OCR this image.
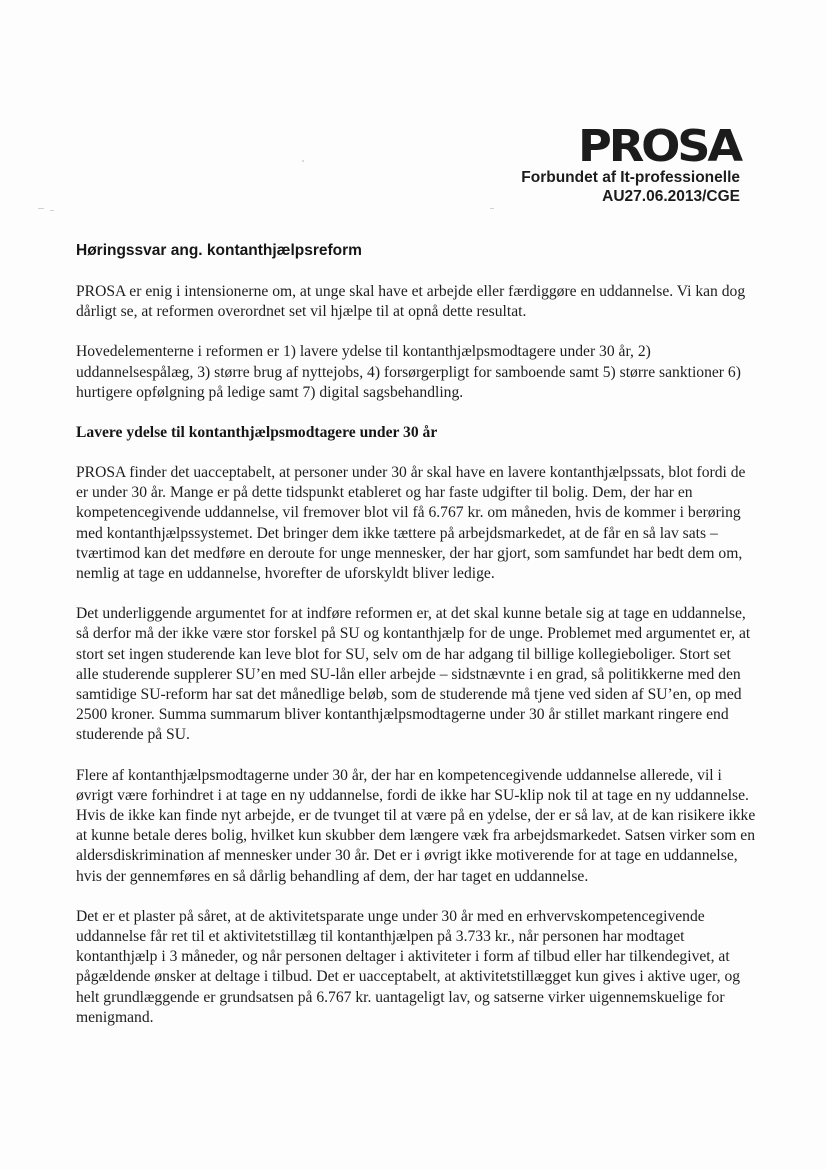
PROSA
Forbundet af It-professionelle
AU27.06.2013/CGE
Høringssvar ang. kontanthjælpsreform

PROSA er enig i intensionerne om, at unge skal have et arbejde eller færdiggøre en uddannelse. Vi kan dog dårligt se, at reformen overordnet set vil hjælpe til at opnå dette resultat.

Hovedelementerne i reformen er 1) lavere ydelse til kontanthjælpsmodtagere under 30 år, 2) uddannelsespålæg, 3) større brug af nyttejobs, 4) forsørgerpligt for samboende samt 5) større sanktioner 6) hurtigere opfølgning på ledige samt 7) digital sagsbehandling.

Lavere ydelse til kontanthjælpsmodtagere under 30 år

PROSA finder det uacceptabelt, at personer under 30 år skal have en lavere kontanthjælpssats, blot fordi de er under 30 år. Mange er på dette tidspunkt etableret og har faste udgifter til bolig. Dem, der har en kompetencegivende uddannelse, vil fremover blot vil få 6.767 kr. om måneden, hvis de kommer i berøring med kontanthjælpssystemet. Det bringer dem ikke tættere på arbejdsmarkedet, at de får en så lav sats – tværtimod kan det medføre en deroute for unge mennesker, der har gjort, som samfundet har bedt dem om, nemlig at tage en uddannelse, hvorefter de uforskyldt bliver ledige.

Det underliggende argumentet for at indføre reformen er, at det skal kunne betale sig at tage en uddannelse, så derfor må der ikke være stor forskel på SU og kontanthjælp for de unge. Problemet med argumentet er, at stort set ingen studerende kan leve blot for SU, selv om de har adgang til billige kollegieboliger. Stort set alle studerende supplerer SU’en med SU-lån eller arbejde – sidstnævnte i en grad, så politikkerne med den samtidige SU-reform har sat det månedlige beløb, som de studerende må tjene ved siden af SU’en, op med 2500 kroner. Summa summarum bliver kontanthjælpsmodtagerne under 30 år stillet markant ringere end studerende på SU.

Flere af kontanthjælpsmodtagerne under 30 år, der har en kompetencegivende uddannelse allerede, vil i øvrigt være forhindret i at tage en ny uddannelse, fordi de ikke har SU-klip nok til at tage en ny uddannelse. Hvis de ikke kan finde nyt arbejde, er de tvunget til at være på en ydelse, der er så lav, at de kan risikere ikke at kunne betale deres bolig, hvilket kun skubber dem længere væk fra arbejdsmarkedet. Satsen virker som en aldersdiskrimination af mennesker under 30 år. Det er i øvrigt ikke motiverende for at tage en uddannelse, hvis der gennemføres en så dårlig behandling af dem, der har taget en uddannelse.

Det er et plaster på såret, at de aktivitetsparate unge under 30 år med en erhvervskompetencegivende uddannelse får ret til et aktivitetstillæg til kontanthjælpen på 3.733 kr., når personen har modtaget kontanthjælp i 3 måneder, og når personen deltager i aktiviteter i form af tilbud eller har tilkendegivet, at pågældende ønsker at deltage i tilbud. Det er uacceptabelt, at aktivitetstillægget kun gives i aktive uger, og helt grundlæggende er grundsatsen på 6.767 kr. uantageligt lav, og satserne virker uigennemskuelige for menigmand.
